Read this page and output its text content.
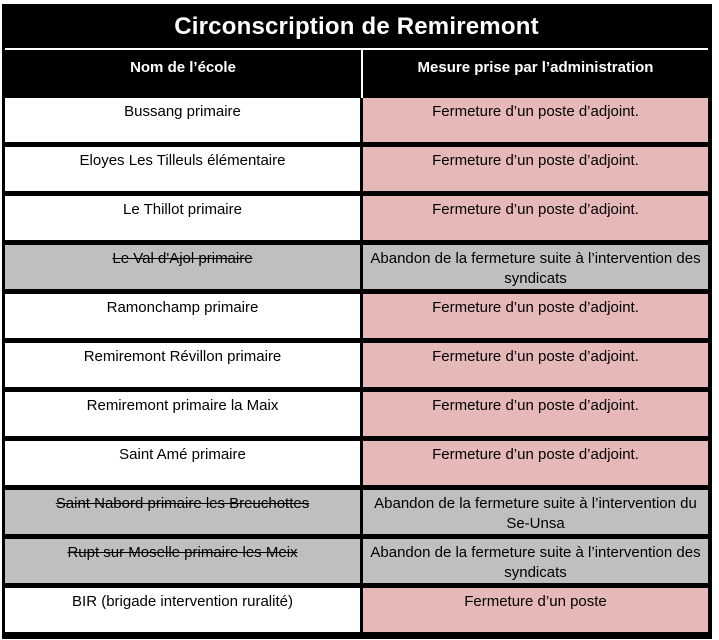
Circonscription de Remiremont
Nom de l’école	Mesure prise par l’administration
Bussang primaire	Fermeture d’un poste d’adjoint.
Eloyes Les Tilleuls élémentaire	Fermeture d’un poste d’adjoint.
Le Thillot primaire	Fermeture d’un poste d’adjoint.
Le Val d'Ajol primaire	Abandon de la fermeture suite à l’intervention des syndicats
Ramonchamp primaire	Fermeture d’un poste d’adjoint.
Remiremont Révillon primaire	Fermeture d’un poste d’adjoint.
Remiremont primaire la Maix	Fermeture d’un poste d’adjoint.
Saint Amé primaire	Fermeture d’un poste d’adjoint.
Saint Nabord primaire les Breuchottes	Abandon de la fermeture suite à l’intervention du Se-Unsa
Rupt sur Moselle primaire les Meix	Abandon de la fermeture suite à l’intervention des syndicats
BIR (brigade intervention ruralité)	Fermeture d’un poste
